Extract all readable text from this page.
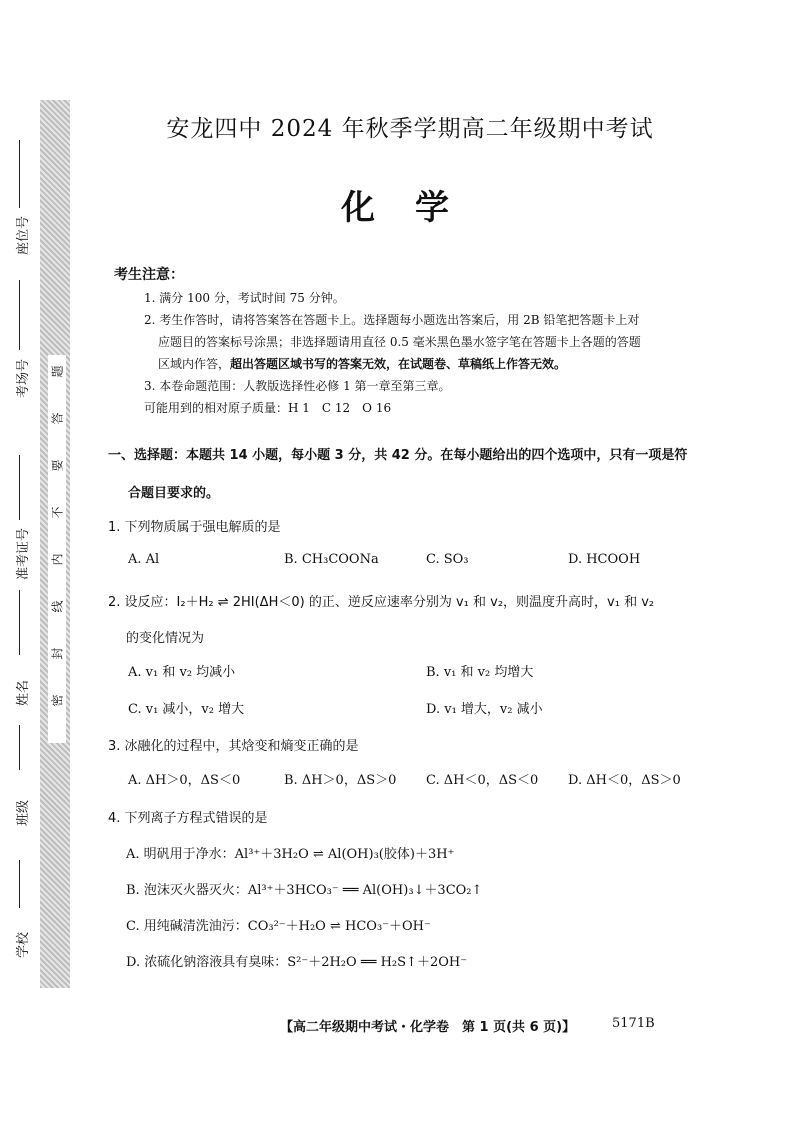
密
封
线
内
不
要
答
题
座位号
考场号
准考证号
姓名
班级
学校
安龙四中 2024 年秋季学期高二年级期中考试
化学
考生注意：
1. 满分 100 分，考试时间 75 分钟。
2. 考生作答时，请将答案答在答题卡上。选择题每小题选出答案后，用 2B 铅笔把答题卡上对
应题目的答案标号涂黑；非选择题请用直径 0.5 毫米黑色墨水签字笔在答题卡上各题的答题
区域内作答，超出答题区域书写的答案无效，在试题卷、草稿纸上作答无效。
3. 本卷命题范围：人教版选择性必修 1 第一章至第三章。
可能用到的相对原子质量：H 1　C 12　O 16
一、选择题：本题共 14 小题，每小题 3 分，共 42 分。在每小题给出的四个选项中，只有一项是符
合题目要求的。
1. 下列物质属于强电解质的是
A. Al	B. CH₃COONa	C. SO₃	D. HCOOH
2. 设反应：I₂＋H₂ ⇌ 2HI(ΔH＜0) 的正、逆反应速率分别为 v₁ 和 v₂，则温度升高时，v₁ 和 v₂
的变化情况为
A. v₁ 和 v₂ 均减小	B. v₁ 和 v₂ 均增大
C. v₁ 减小，v₂ 增大	D. v₁ 增大，v₂ 减小
3. 冰融化的过程中，其焓变和熵变正确的是
A. ΔH＞0，ΔS＜0	B. ΔH＞0，ΔS＞0 C. ΔH＜0，ΔS＜0 D. ΔH＜0，ΔS＞0
4. 下列离子方程式错误的是
A. 明矾用于净水：Al³⁺＋3H₂O ⇌ Al(OH)₃(胶体)＋3H⁺
B. 泡沫灭火器灭火：Al³⁺＋3HCO₃⁻ ══ Al(OH)₃↓＋3CO₂↑
C. 用纯碱清洗油污：CO₃²⁻＋H₂O ⇌ HCO₃⁻＋OH⁻
D. 浓硫化钠溶液具有臭味：S²⁻＋2H₂O ══ H₂S↑＋2OH⁻
【高二年级期中考试・化学卷　第 1 页(共 6 页)】	5171B
